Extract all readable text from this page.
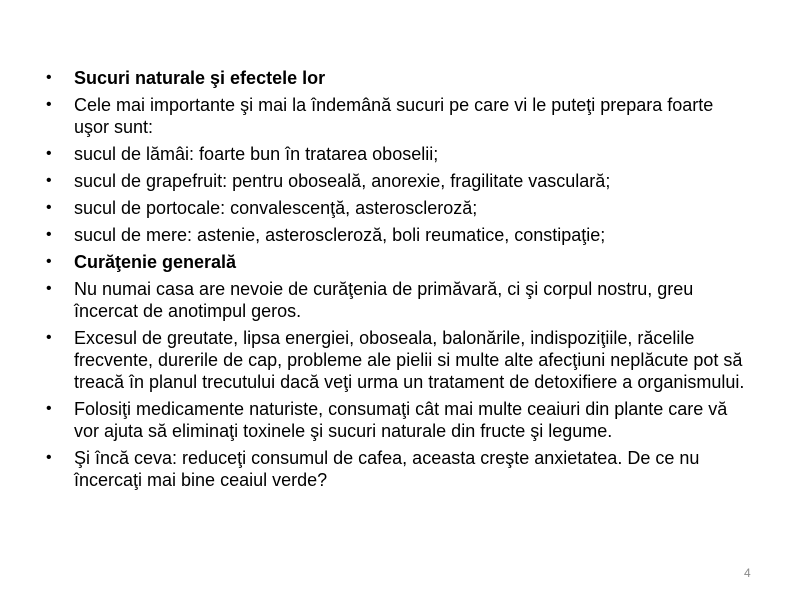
•	Sucuri naturale şi efectele lor
•	Cele mai importante şi mai la îndemână sucuri pe care vi le puteţi prepara foarte uşor sunt:
•	sucul de lămâi: foarte bun în tratarea oboselii;
•	sucul de grapefruit: pentru oboseală, anorexie, fragilitate vasculară;
•	sucul de portocale: convalescenţă, asteroscleroză;
•	sucul de mere: astenie, asteroscleroză, boli reumatice, constipaţie;
•	Curăţenie generală
•	Nu numai casa are nevoie de curăţenia de primăvară, ci şi corpul nostru, greu încercat de anotimpul geros.
•	Excesul de greutate, lipsa energiei, oboseala, balonările, indispoziţiile, răcelile frecvente, durerile de cap, probleme ale pielii si multe alte afecţiuni neplăcute pot să treacă în planul trecutului dacă veţi urma un tratament de detoxifiere a organismului.
•	Folosiţi medicamente naturiste, consumaţi cât mai multe ceaiuri din plante care vă vor ajuta să eliminaţi toxinele şi sucuri naturale din fructe şi legume.
•	Şi încă ceva: reduceţi consumul de cafea, aceasta creşte anxietatea. De ce nu încercaţi mai bine ceaiul verde?
4
